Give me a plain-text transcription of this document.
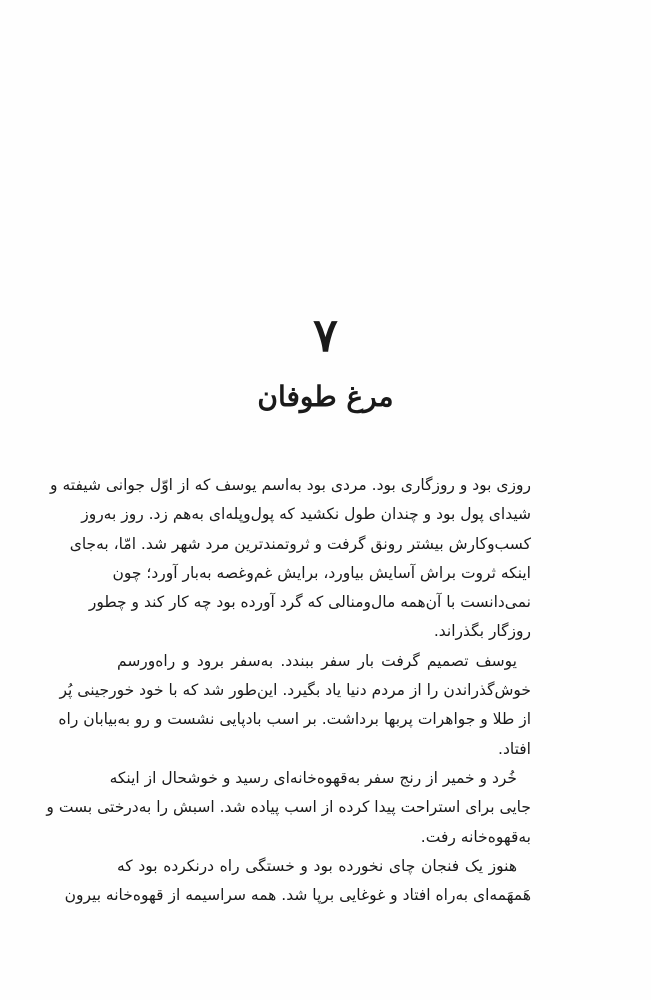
۷
مرغ طوفان
روزی بود و روزگاری بود. مردی بود به‌اسم یوسف که از اوّل جوانی شیفته و
شیدای پول بود و چندان طول نکشید که پول‌وپله‌ای به‌هم زد. روز به‌روز
کسب‌وکارش بیشتر رونق گرفت و ثروتمندترین مرد شهر شد. امّا، به‌جای
اینکه ثروت براش آسایش بیاورد، برایش غم‌وغصه به‌بار آورد؛ چون
نمی‌دانست با آن‌همه مال‌ومنالی که گرد آورده بود چه کار کند و چطور
روزگار بگذراند.
یوسف تصمیم گرفت بار سفر ببندد. به‌سفر برود و راه‌ورسم
خوش‌گذراندن را از مردم دنیا یاد بگیرد. این‌طور شد که با خود خورجینی پُر
از طلا و جواهرات پربها برداشت. بر اسب بادپایی نشست و رو به‌بیابان راه
افتاد.
خُرد و خمیر از رنج سفر به‌قهوه‌خانه‌ای رسید و خوشحال از اینکه
جایی برای استراحت پیدا کرده از اسب پیاده شد. اسبش را به‌درختی بست و
به‌قهوه‌خانه رفت.
هنوز یک فنجان چای نخورده بود و خستگی راه درنکرده بود که
هَمهَمه‌ای به‌راه افتاد و غوغایی برپا شد. همه سراسیمه از قهوه‌خانه بیرون
